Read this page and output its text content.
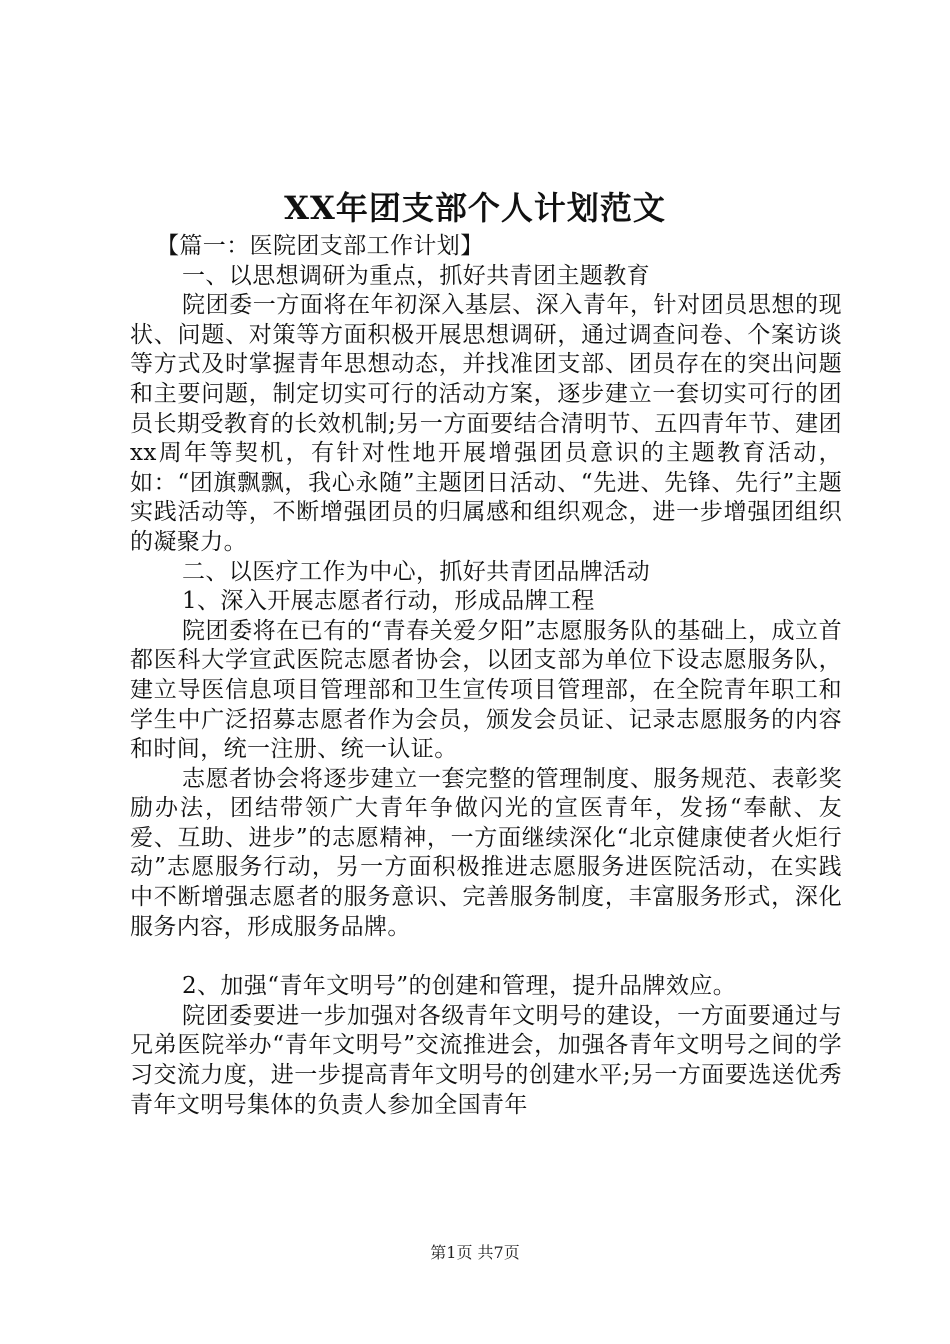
XX年团支部个人计划范文

【篇一：医院团支部工作计划】

一、以思想调研为重点，抓好共青团主题教育

院团委一方面将在年初深入基层、深入青年，针对团员思想的现状、问题、对策等方面积极开展思想调研，通过调查问卷、个案访谈等方式及时掌握青年思想动态，并找准团支部、团员存在的突出问题和主要问题，制定切实可行的活动方案，逐步建立一套切实可行的团员长期受教育的长效机制;另一方面要结合清明节、五四青年节、建团xx周年等契机，有针对性地开展增强团员意识的主题教育活动，如：“团旗飘飘，我心永随”主题团日活动、“先进、先锋、先行”主题实践活动等，不断增强团员的归属感和组织观念，进一步增强团组织的凝聚力。

二、以医疗工作为中心，抓好共青团品牌活动

1、深入开展志愿者行动，形成品牌工程

院团委将在已有的“青春关爱夕阳”志愿服务队的基础上，成立首都医科大学宣武医院志愿者协会，以团支部为单位下设志愿服务队，建立导医信息项目管理部和卫生宣传项目管理部，在全院青年职工和学生中广泛招募志愿者作为会员，颁发会员证、记录志愿服务的内容和时间，统一注册、统一认证。

志愿者协会将逐步建立一套完整的管理制度、服务规范、表彰奖励办法，团结带领广大青年争做闪光的宣医青年，发扬“奉献、友爱、互助、进步”的志愿精神，一方面继续深化“北京健康使者火炬行动”志愿服务行动，另一方面积极推进志愿服务进医院活动，在实践中不断增强志愿者的服务意识、完善服务制度，丰富服务形式，深化服务内容，形成服务品牌。

2、加强“青年文明号”的创建和管理，提升品牌效应。

院团委要进一步加强对各级青年文明号的建设，一方面要通过与兄弟医院举办“青年文明号”交流推进会，加强各青年文明号之间的学习交流力度，进一步提高青年文明号的创建水平;另一方面要选送优秀青年文明号集体的负责人参加全国青年

第1页 共7页
